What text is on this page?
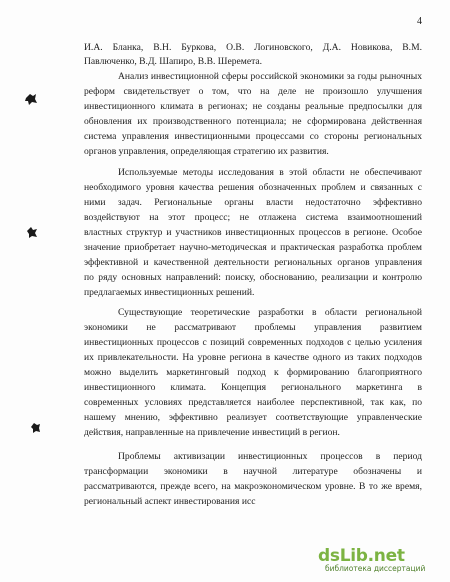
4
И.А. Бланка, В.Н. Буркова, О.В. Логиновского, Д.А. Новикова, В.М.
Павлюченко, В.Д. Шапиро, В.В. Шеремета.
Анализ инвестиционной сферы российской экономики за годы рыночных
реформ свидетельствует о том, что на деле не произошло улучшения
инвестиционного климата в регионах; не созданы реальные предпосылки для
обновления их производственного потенциала; не сформирована действенная
система управления инвестиционными процессами со стороны региональных
органов управления, определяющая стратегию их развития.
Используемые методы исследования в этой области не обеспечивают
необходимого уровня качества решения обозначенных проблем и связанных с
ними задач. Региональные органы власти недостаточно эффективно
воздействуют на этот процесс; не отлажена система взаимоотношений
властных структур и участников инвестиционных процессов в регионе. Особое
значение приобретает научно-методическая и практическая разработка проблем
эффективной и качественной деятельности региональных органов управления
по ряду основных направлений: поиску, обоснованию, реализации и контролю
предлагаемых инвестиционных решений.
Существующие теоретические разработки в области региональной
экономики не рассматривают проблемы управления развитием
инвестиционных процессов с позиций современных подходов с целью усиления
их привлекательности. На уровне региона в качестве одного из таких подходов
можно выделить маркетинговый подход к формированию благоприятного
инвестиционного климата. Концепция регионального маркетинга в
современных условиях представляется наиболее перспективной, так как, по
нашему мнению, эффективно реализует соответствующие управленческие
действия, направленные на привлечение инвестиций в регион.
Проблемы активизации инвестиционных процессов в период
трансформации экономики в научной литературе обозначены и
рассматриваются, прежде всего, на макроэкономическом уровне. В то же время,
региональный аспект инвестирования исс
dsLib.net
библиотека диссертаций
